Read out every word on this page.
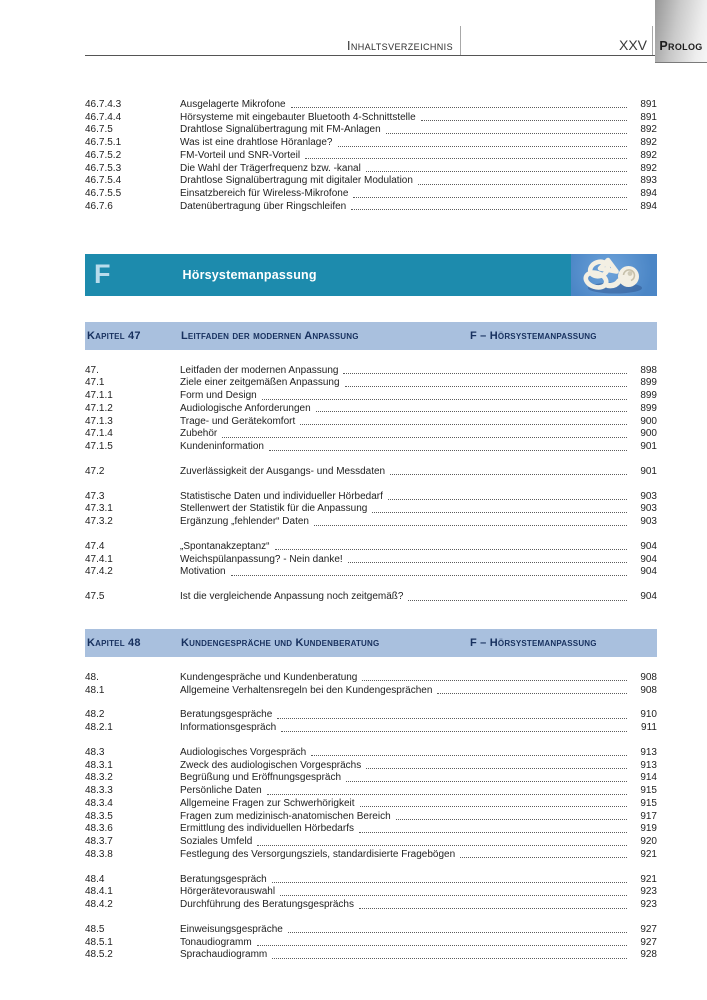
Inhaltsverzeichnis	XXV Prolog
46.7.4.3	Ausgelagerte Mikrofone	891
46.7.4.4	Hörsysteme mit eingebauter Bluetooth 4-Schnittstelle	891
46.7.5	Drahtlose Signalübertragung mit FM-Anlagen	892
46.7.5.1	Was ist eine drahtlose Höranlage?	892
46.7.5.2	FM-Vorteil und SNR-Vorteil	892
46.7.5.3	Die Wahl der Trägerfrequenz bzw. -kanal	892
46.7.5.4	Drahtlose Signalübertragung mit digitaler Modulation	893
46.7.5.5	Einsatzbereich für Wireless-Mikrofone	894
46.7.6	Datenübertragung über Ringschleifen	894
F	Hörsystemanpassung
Kapitel 47	Leitfaden der modernen Anpassung	F – Hörsystemanpassung
47.	Leitfaden der modernen Anpassung	898
47.1	Ziele einer zeitgemäßen Anpassung	899
47.1.1	Form und Design	899
47.1.2	Audiologische Anforderungen	899
47.1.3	Trage- und Gerätekomfort	900
47.1.4	Zubehör	900
47.1.5	Kundeninformation	901
47.2	Zuverlässigkeit der Ausgangs- und Messdaten	901
47.3	Statistische Daten und individueller Hörbedarf	903
47.3.1	Stellenwert der Statistik für die Anpassung	903
47.3.2	Ergänzung „fehlender“ Daten	903
47.4	„Spontanakzeptanz“	904
47.4.1	Weichspülanpassung? - Nein danke!	904
47.4.2	Motivation	904
47.5	Ist die vergleichende Anpassung noch zeitgemäß?	904
Kapitel 48	Kundengespräche und Kundenberatung	F – Hörsystemanpassung
48.	Kundengespräche und Kundenberatung	908
48.1	Allgemeine Verhaltensregeln bei den Kundengesprächen	908
48.2	Beratungsgespräche	910
48.2.1	Informationsgespräch	911
48.3	Audiologisches Vorgespräch	913
48.3.1	Zweck des audiologischen Vorgesprächs	913
48.3.2	Begrüßung und Eröffnungsgespräch	914
48.3.3	Persönliche Daten	915
48.3.4	Allgemeine Fragen zur Schwerhörigkeit	915
48.3.5	Fragen zum medizinisch-anatomischen Bereich	917
48.3.6	Ermittlung des individuellen Hörbedarfs	919
48.3.7	Soziales Umfeld	920
48.3.8	Festlegung des Versorgungsziels, standardisierte Fragebögen	921
48.4	Beratungsgespräch	921
48.4.1	Hörgerätevorauswahl	923
48.4.2	Durchführung des Beratungsgesprächs	923
48.5	Einweisungsgespräche	927
48.5.1	Tonaudiogramm	927
48.5.2	Sprachaudiogramm	928
